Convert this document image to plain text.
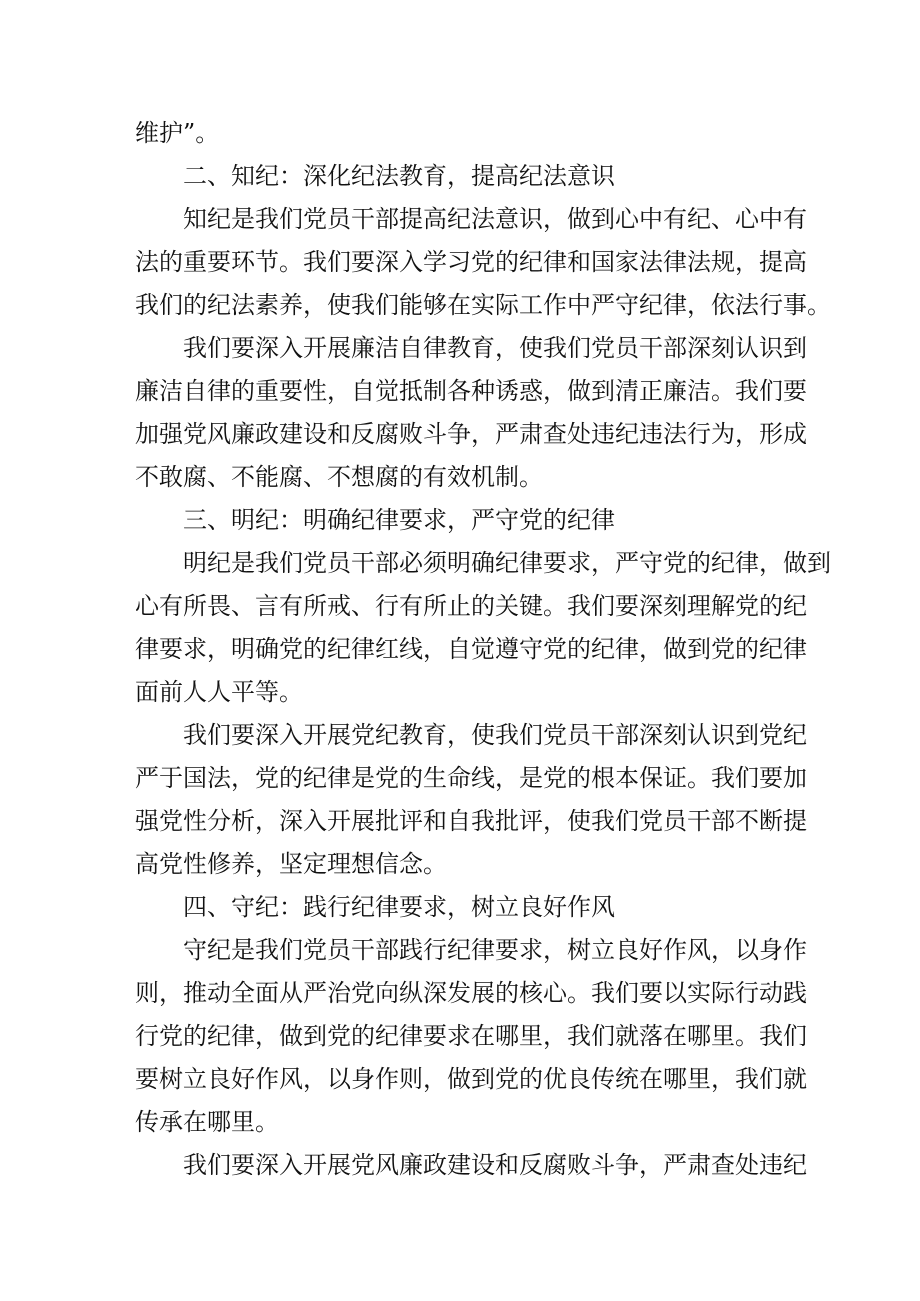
维护”。
二、知纪：深化纪法教育，提高纪法意识
知纪是我们党员干部提高纪法意识，做到心中有纪、心中有
法的重要环节。我们要深入学习党的纪律和国家法律法规，提高
我们的纪法素养，使我们能够在实际工作中严守纪律，依法行事。
我们要深入开展廉洁自律教育，使我们党员干部深刻认识到
廉洁自律的重要性，自觉抵制各种诱惑，做到清正廉洁。我们要
加强党风廉政建设和反腐败斗争，严肃查处违纪违法行为，形成
不敢腐、不能腐、不想腐的有效机制。
三、明纪：明确纪律要求，严守党的纪律
明纪是我们党员干部必须明确纪律要求，严守党的纪律，做到
心有所畏、言有所戒、行有所止的关键。我们要深刻理解党的纪
律要求，明确党的纪律红线，自觉遵守党的纪律，做到党的纪律
面前人人平等。
我们要深入开展党纪教育，使我们党员干部深刻认识到党纪
严于国法，党的纪律是党的生命线，是党的根本保证。我们要加
强党性分析，深入开展批评和自我批评，使我们党员干部不断提
高党性修养，坚定理想信念。
四、守纪：践行纪律要求，树立良好作风
守纪是我们党员干部践行纪律要求，树立良好作风，以身作
则，推动全面从严治党向纵深发展的核心。我们要以实际行动践
行党的纪律，做到党的纪律要求在哪里，我们就落在哪里。我们
要树立良好作风，以身作则，做到党的优良传统在哪里，我们就
传承在哪里。
我们要深入开展党风廉政建设和反腐败斗争，严肃查处违纪
